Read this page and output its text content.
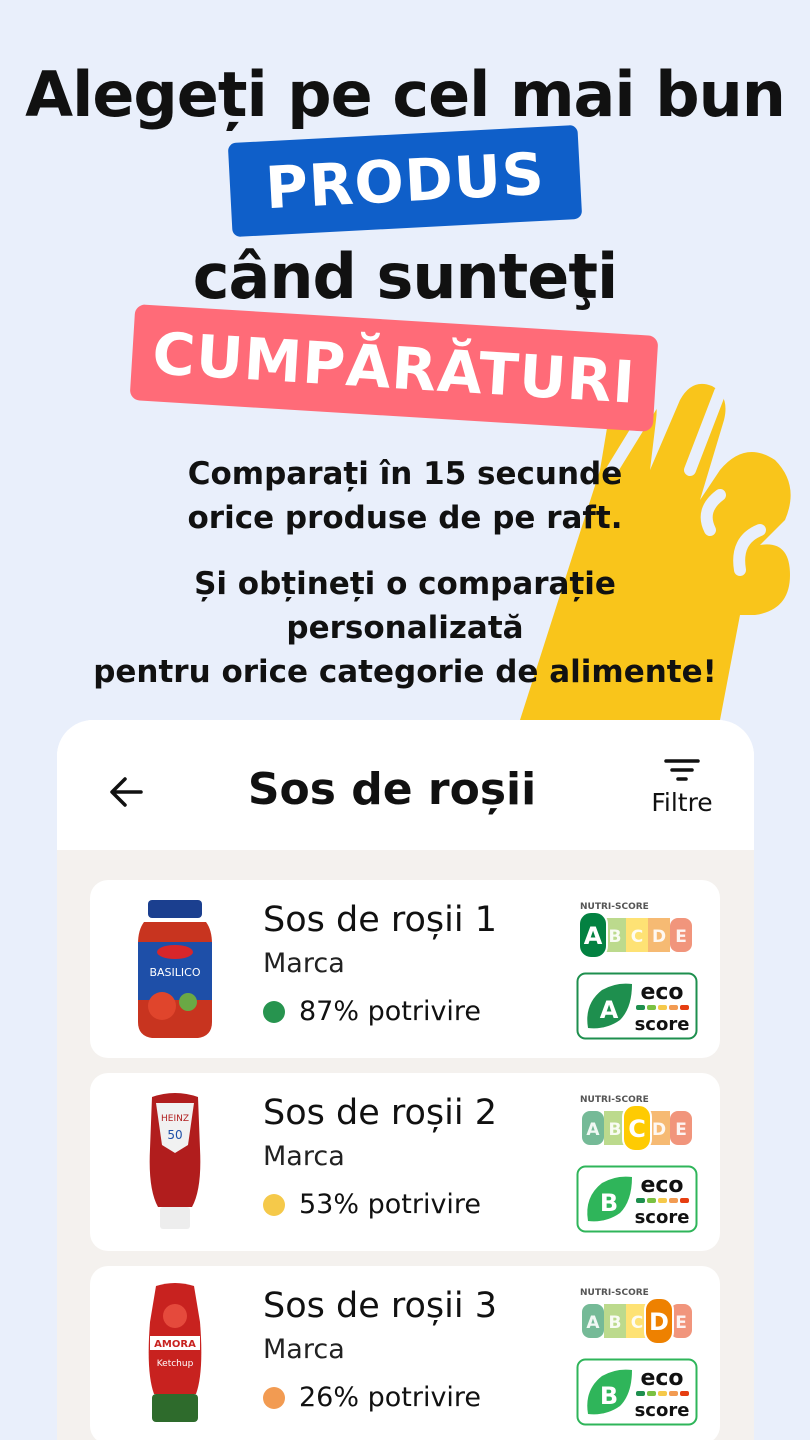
Alegeți pe cel mai bun
PRODUS
când sunteţi
CUMPĂRĂTURI
Comparați în 15 secunde
orice produse de pe raft.
Și obțineți o comparație
personalizată
pentru orice categorie de alimente!
Sos de roșii	Filtre
BASILICO
Sos de roșii 1
Marca
87% potrivire
NUTRI-SCORE
A B C D E
A
eco
score
HEINZ
50
Sos de roșii 2
Marca
53% potrivire
NUTRI-SCORE
A B C D E
B
eco
score
AMORA
Ketchup
Sos de roșii 3
Marca
26% potrivire
NUTRI-SCORE
A B C D E
B
eco
score
